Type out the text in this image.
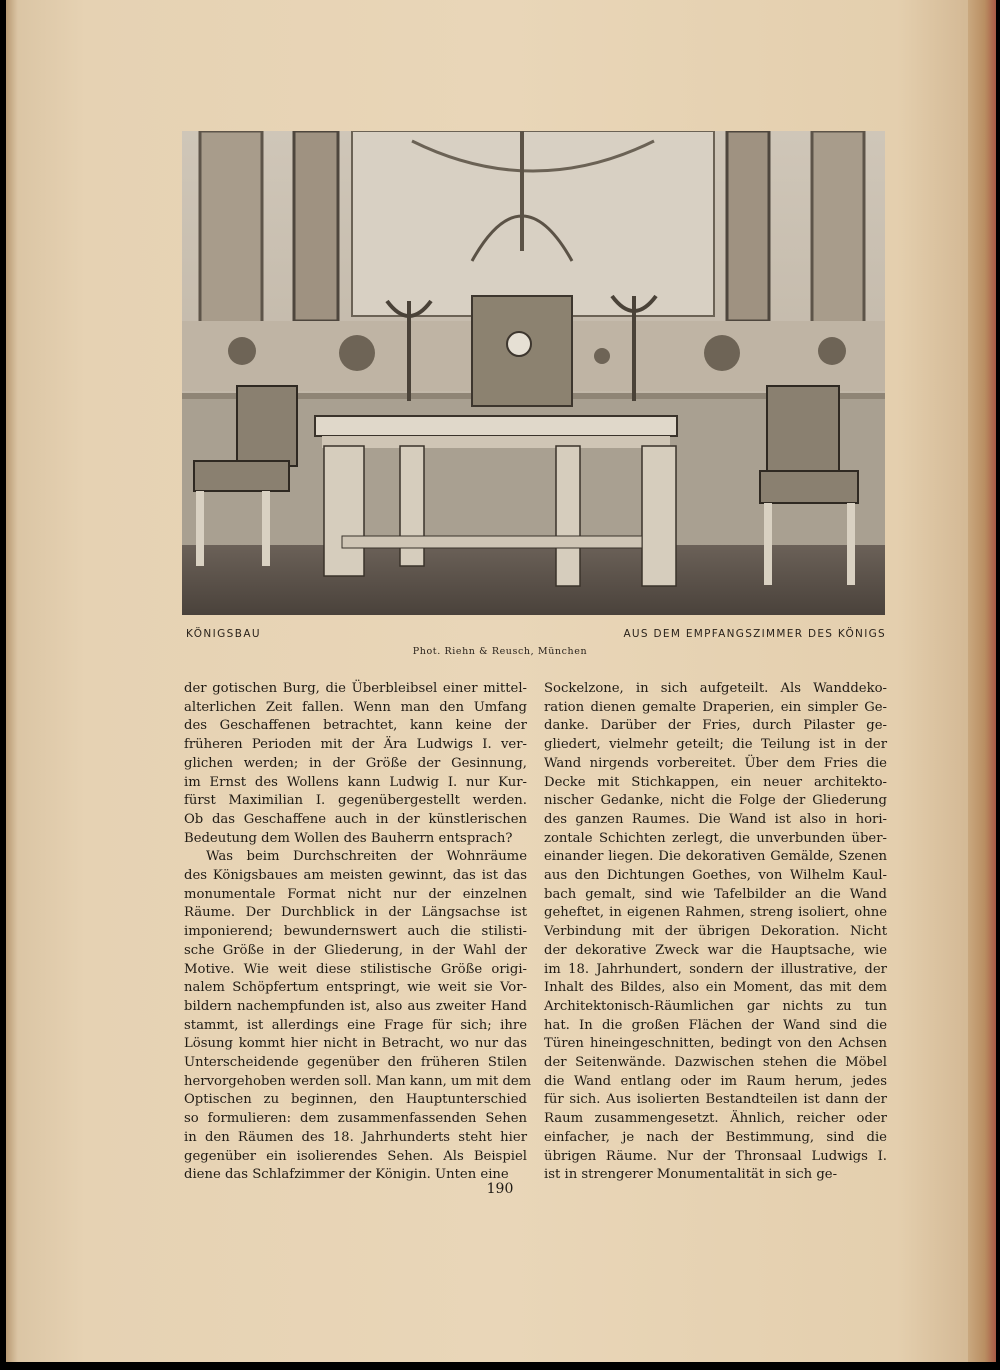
KÖNIGSBAU	AUS DEM EMPFANGSZIMMER DES KÖNIGS
Phot. Riehn & Reusch, München
der gotischen Burg, die Überbleibsel einer mittel-
alterlichen Zeit fallen. Wenn man den Umfang
des Geschaffenen betrachtet, kann keine der
früheren Perioden mit der Ära Ludwigs I. ver-
glichen werden; in der Größe der Gesinnung,
im Ernst des Wollens kann Ludwig I. nur Kur-
fürst Maximilian I. gegenübergestellt werden.
Ob das Geschaffene auch in der künstlerischen
Bedeutung dem Wollen des Bauherrn entsprach?
Was beim Durchschreiten der Wohnräume
des Königsbaues am meisten gewinnt, das ist das
monumentale Format nicht nur der einzelnen
Räume. Der Durchblick in der Längsachse ist
imponierend; bewundernswert auch die stilisti-
sche Größe in der Gliederung, in der Wahl der
Motive. Wie weit diese stilistische Größe origi-
nalem Schöpfertum entspringt, wie weit sie Vor-
bildern nachempfunden ist, also aus zweiter Hand
stammt, ist allerdings eine Frage für sich; ihre
Lösung kommt hier nicht in Betracht, wo nur das
Unterscheidende gegenüber den früheren Stilen
hervorgehoben werden soll. Man kann, um mit dem
Optischen zu beginnen, den Hauptunterschied
so formulieren: dem zusammenfassenden Sehen
in den Räumen des 18. Jahrhunderts steht hier
gegenüber ein isolierendes Sehen. Als Beispiel
diene das Schlafzimmer der Königin. Unten eine
Sockelzone, in sich aufgeteilt. Als Wanddeko-
ration dienen gemalte Draperien, ein simpler Ge-
danke. Darüber der Fries, durch Pilaster ge-
gliedert, vielmehr geteilt; die Teilung ist in der
Wand nirgends vorbereitet. Über dem Fries die
Decke mit Stichkappen, ein neuer architekto-
nischer Gedanke, nicht die Folge der Gliederung
des ganzen Raumes. Die Wand ist also in hori-
zontale Schichten zerlegt, die unverbunden über-
einander liegen. Die dekorativen Gemälde, Szenen
aus den Dichtungen Goethes, von Wilhelm Kaul-
bach gemalt, sind wie Tafelbilder an die Wand
geheftet, in eigenen Rahmen, streng isoliert, ohne
Verbindung mit der übrigen Dekoration. Nicht
der dekorative Zweck war die Hauptsache, wie
im 18. Jahrhundert, sondern der illustrative, der
Inhalt des Bildes, also ein Moment, das mit dem
Architektonisch-Räumlichen gar nichts zu tun
hat. In die großen Flächen der Wand sind die
Türen hineingeschnitten, bedingt von den Achsen
der Seitenwände. Dazwischen stehen die Möbel
die Wand entlang oder im Raum herum, jedes
für sich. Aus isolierten Bestandteilen ist dann der
Raum zusammengesetzt. Ähnlich, reicher oder
einfacher, je nach der Bestimmung, sind die
übrigen Räume. Nur der Thronsaal Ludwigs I.
ist in strengerer Monumentalität in sich ge-
190
